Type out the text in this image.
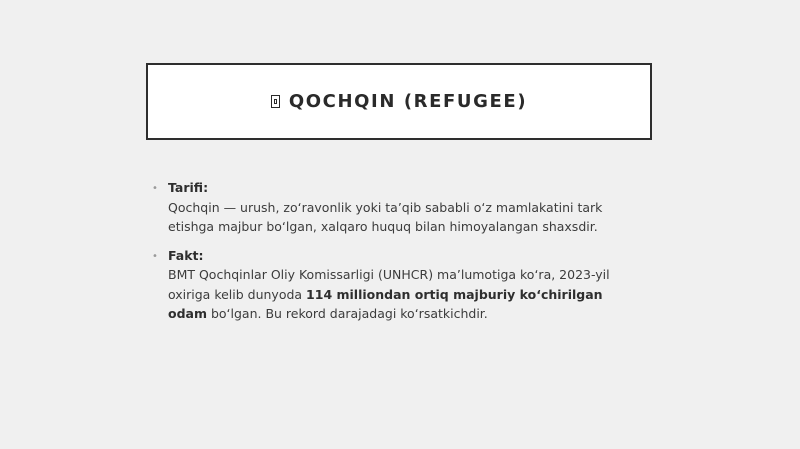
QOCHQIN (REFUGEE)
• Tarifi:
Qochqin — urush, zo‘ravonlik yoki ta’qib sababli o‘z mamlakatini tark etishga majbur bo‘lgan, xalqaro huquq bilan himoyalangan shaxsdir.
• Fakt:
BMT Qochqinlar Oliy Komissarligi (UNHCR) ma’lumotiga ko‘ra, 2023-yil oxiriga kelib dunyoda 114 milliondan ortiq majburiy ko‘chirilgan odam bo‘lgan. Bu rekord darajadagi ko‘rsatkichdir.
